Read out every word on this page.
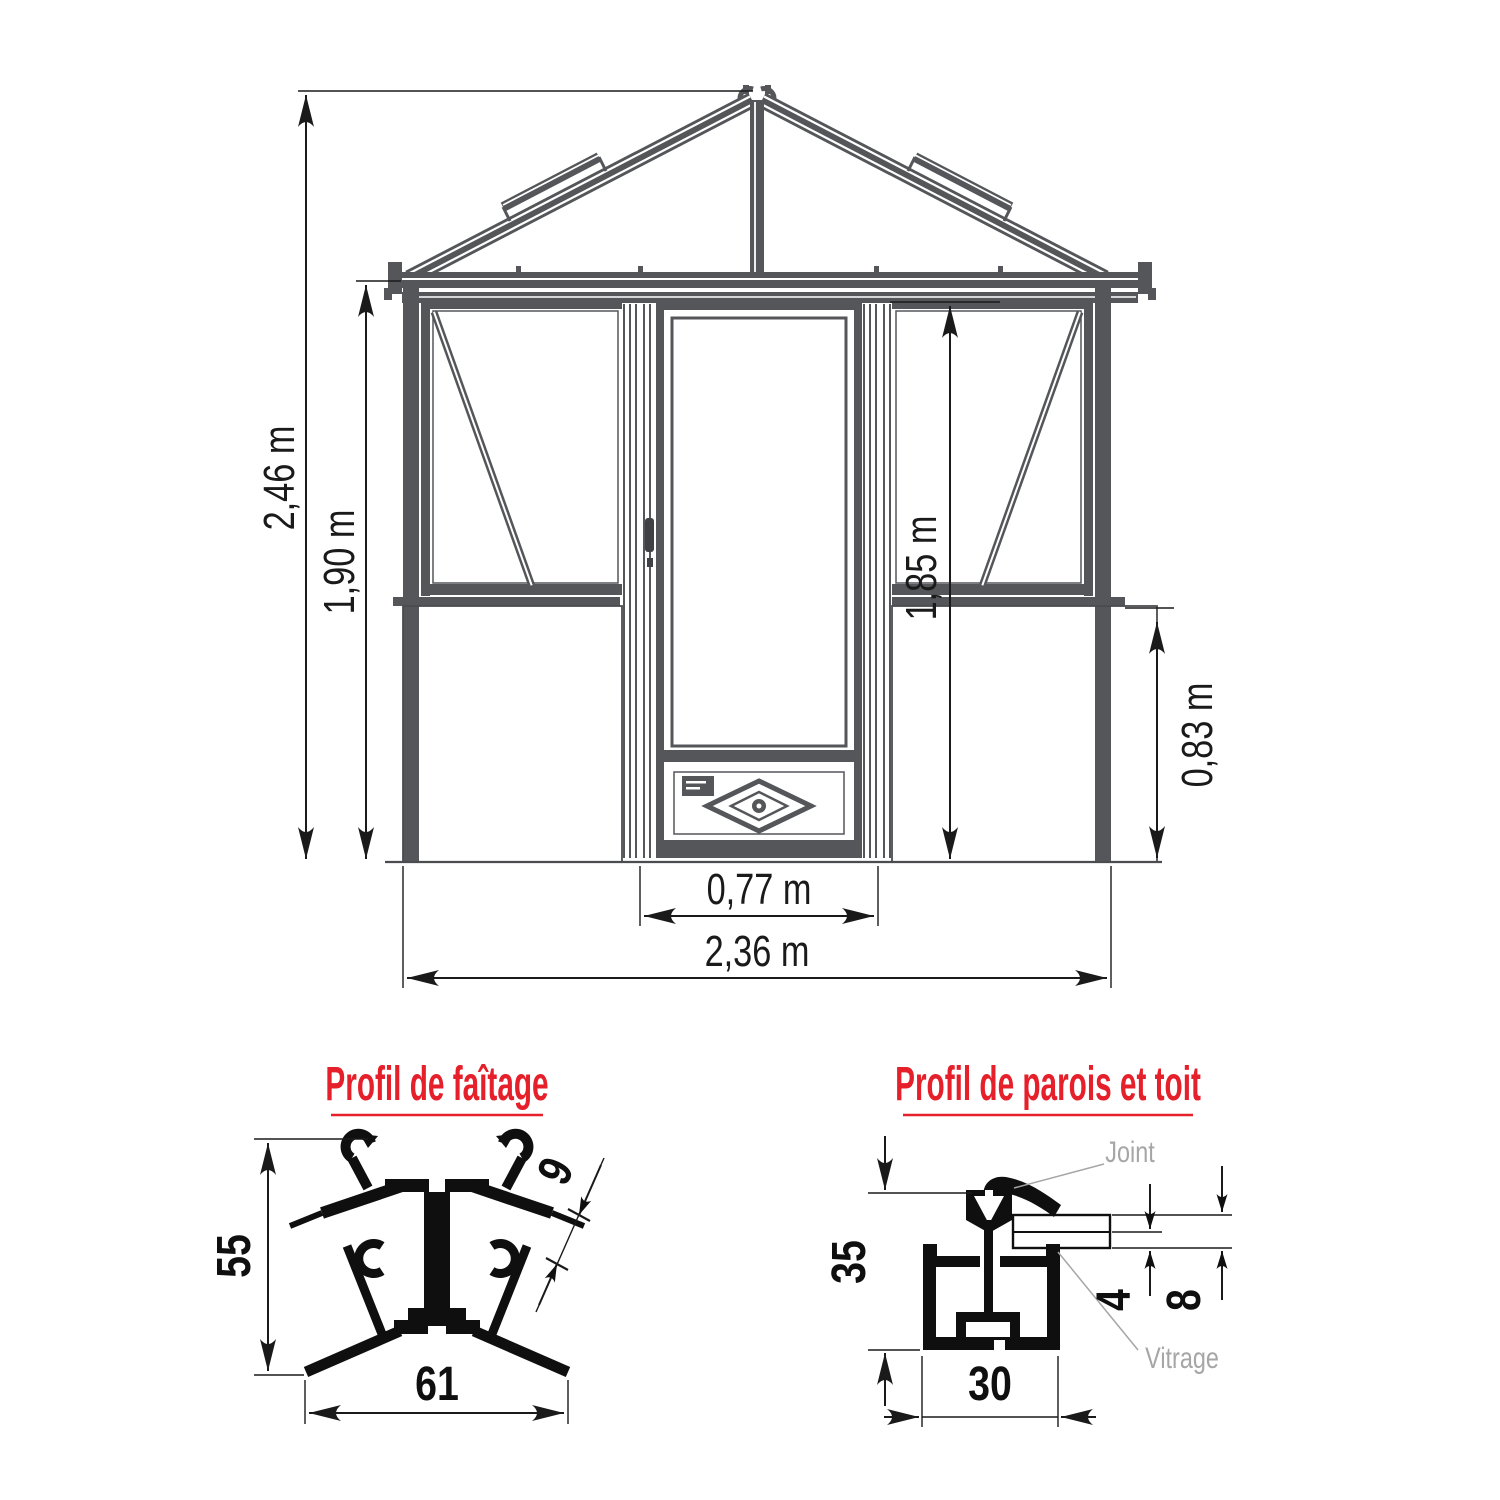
2,46 m
1,90 m	1,85 m
0,83 m
0,77 m
2,36 m
Profil de faîtage
55
61
9
Profil de parois et toit
Joint
Vitrage
35
30
4 8
